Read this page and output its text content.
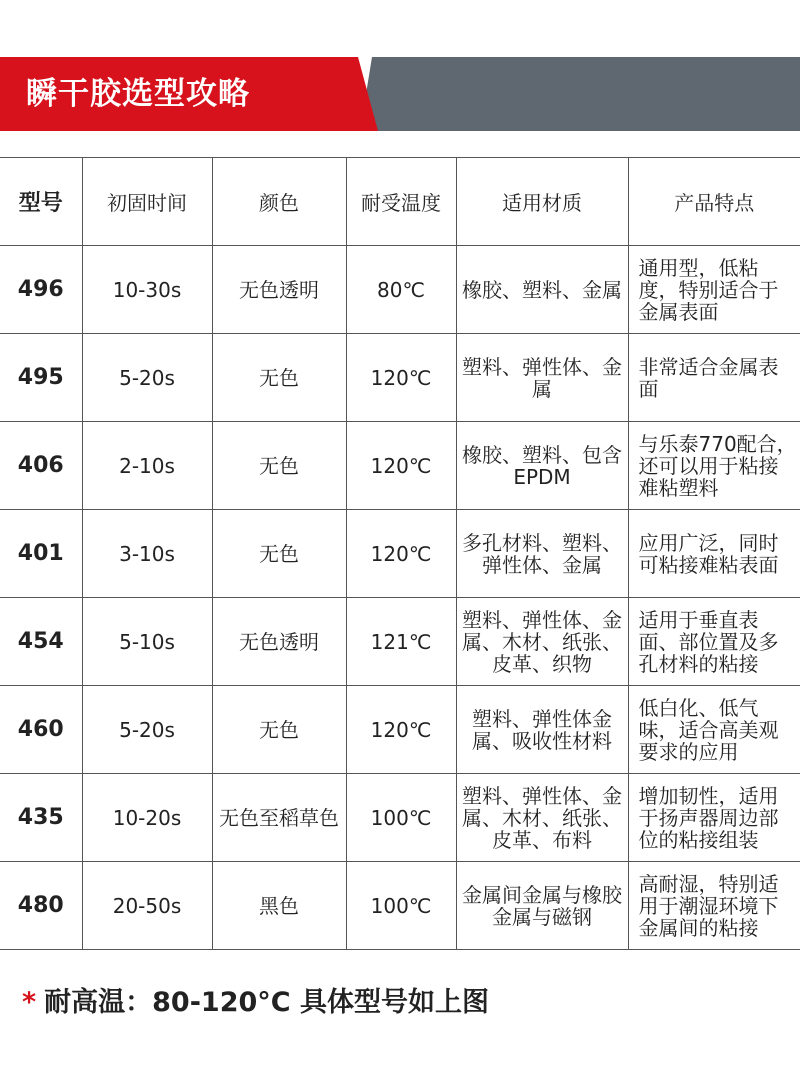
瞬干胶选型攻略
型号	初固时间	颜色	耐受温度	适用材质	产品特点
496	10-30s	无色透明	80℃	橡胶、塑料、金属	通用型，低粘度，特别适合于金属表面
495	5-20s	无色	120℃	塑料、弹性体、金属	非常适合金属表面
406	2-10s	无色	120℃	橡胶、塑料、包含EPDM	与乐泰770配合，还可以用于粘接难粘塑料
401	3-10s	无色	120℃	多孔材料、塑料、弹性体、金属	应用广泛，同时可粘接难粘表面
454	5-10s	无色透明	121℃	塑料、弹性体、金属、木材、纸张、皮革、织物	适用于垂直表面、部位置及多孔材料的粘接
460	5-20s	无色	120℃	塑料、弹性体金属、吸收性材料	低白化、低气味，适合高美观要求的应用
435	10-20s	无色至稻草色	100℃	塑料、弹性体、金属、木材、纸张、皮革、布料	增加韧性，适用于扬声器周边部位的粘接组装
480	20-50s	黑色	100℃	金属间金属与橡胶金属与磁钢	高耐湿，特别适用于潮湿环境下金属间的粘接
* 耐高温：80-120°C 具体型号如上图
